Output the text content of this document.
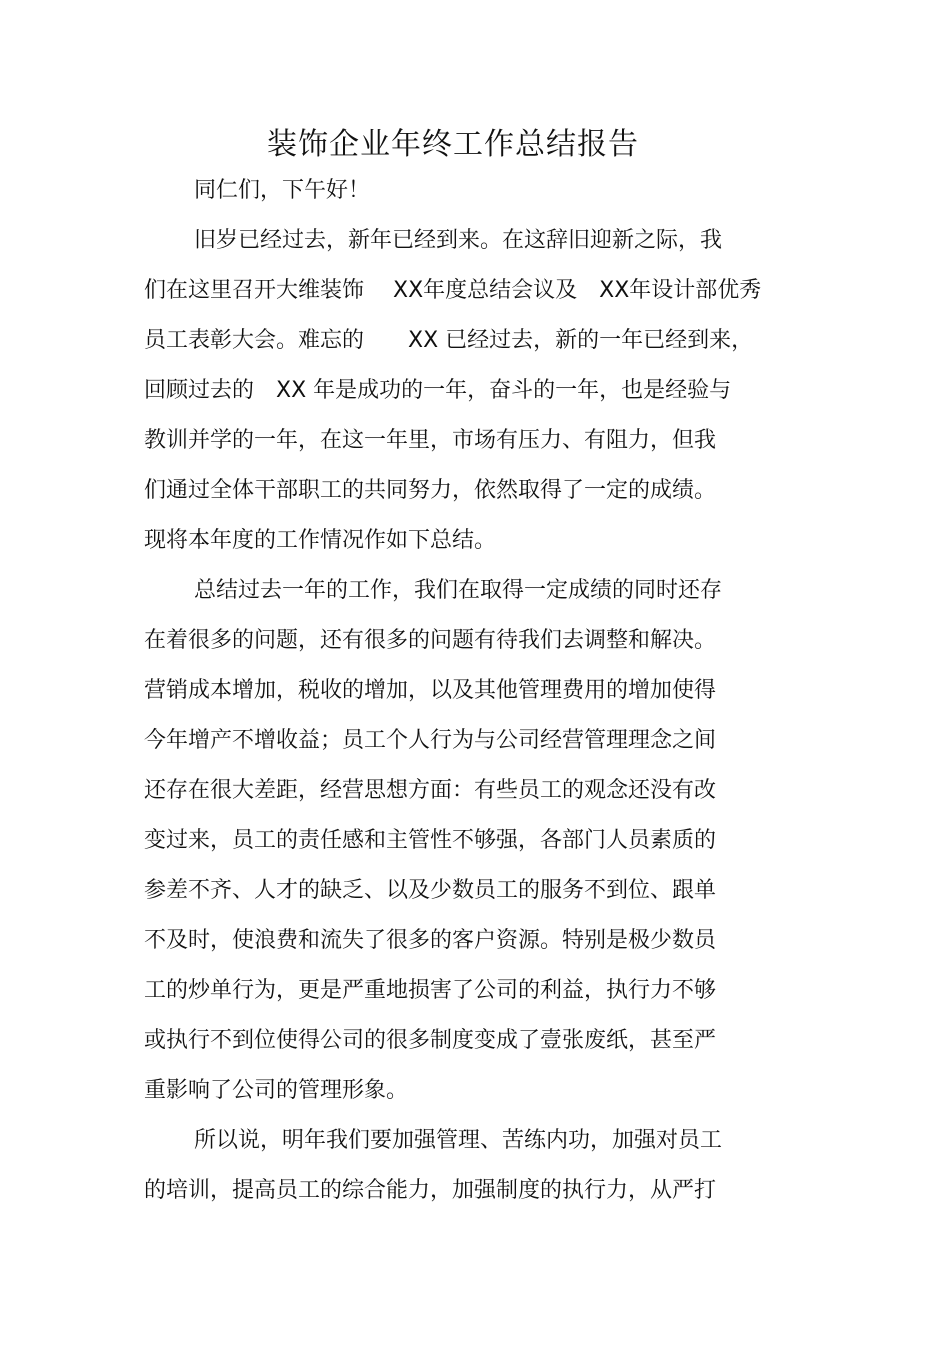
装饰企业年终工作总结报告
同仁们，下午好！
旧岁已经过去，新年已经到来。在这辞旧迎新之际，我
们在这里召开大维装饰　 XX年度总结会议及　XX年设计部优秀
员工表彰大会。难忘的　　XX 已经过去，新的一年已经到来，
回顾过去的　XX 年是成功的一年，奋斗的一年，也是经验与
教训并学的一年，在这一年里，市场有压力、有阻力，但我
们通过全体干部职工的共同努力，依然取得了一定的成绩。
现将本年度的工作情况作如下总结。
总结过去一年的工作，我们在取得一定成绩的同时还存
在着很多的问题，还有很多的问题有待我们去调整和解决。
营销成本增加，税收的增加，以及其他管理费用的增加使得
今年增产不增收益；员工个人行为与公司经营管理理念之间
还存在很大差距，经营思想方面：有些员工的观念还没有改
变过来，员工的责任感和主管性不够强，各部门人员素质的
参差不齐、人才的缺乏、以及少数员工的服务不到位、跟单
不及时，使浪费和流失了很多的客户资源。特别是极少数员
工的炒单行为，更是严重地损害了公司的利益，执行力不够
或执行不到位使得公司的很多制度变成了壹张废纸，甚至严
重影响了公司的管理形象。
所以说，明年我们要加强管理、苦练内功，加强对员工
的培训，提高员工的综合能力，加强制度的执行力，从严打
